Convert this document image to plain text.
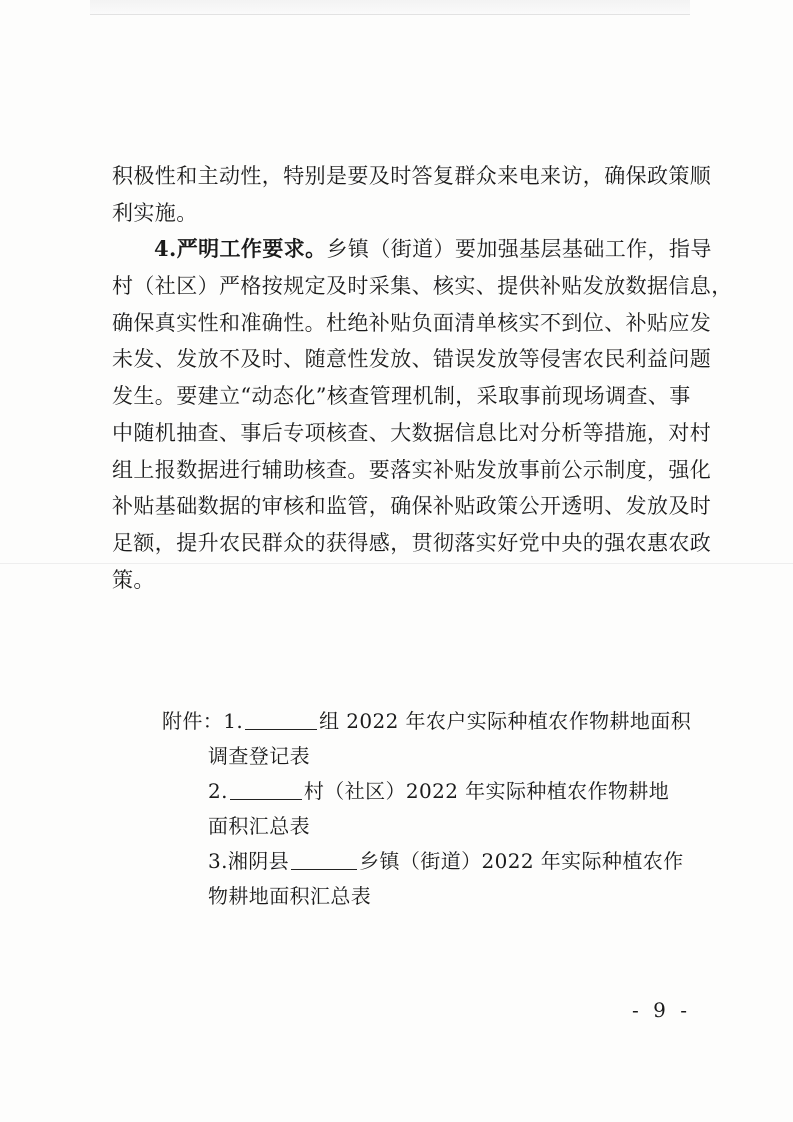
积极性和主动性，特别是要及时答复群众来电来访，确保政策顺
利实施。
4.严明工作要求。乡镇（街道）要加强基层基础工作，指导
村（社区）严格按规定及时采集、核实、提供补贴发放数据信息，
确保真实性和准确性。杜绝补贴负面清单核实不到位、补贴应发
未发、发放不及时、随意性发放、错误发放等侵害农民利益问题
发生。要建立“动态化”核查管理机制，采取事前现场调查、事
中随机抽查、事后专项核查、大数据信息比对分析等措施，对村
组上报数据进行辅助核查。要落实补贴发放事前公示制度，强化
补贴基础数据的审核和监管，确保补贴政策公开透明、发放及时
足额，提升农民群众的获得感，贯彻落实好党中央的强农惠农政
策。
附件：1.	组 2022 年农户实际种植农作物耕地面积
调查登记表
2.	村（社区）2022 年实际种植农作物耕地
面积汇总表
3.湘阴县	乡镇（街道）2022 年实际种植农作
物耕地面积汇总表
- 9 -
